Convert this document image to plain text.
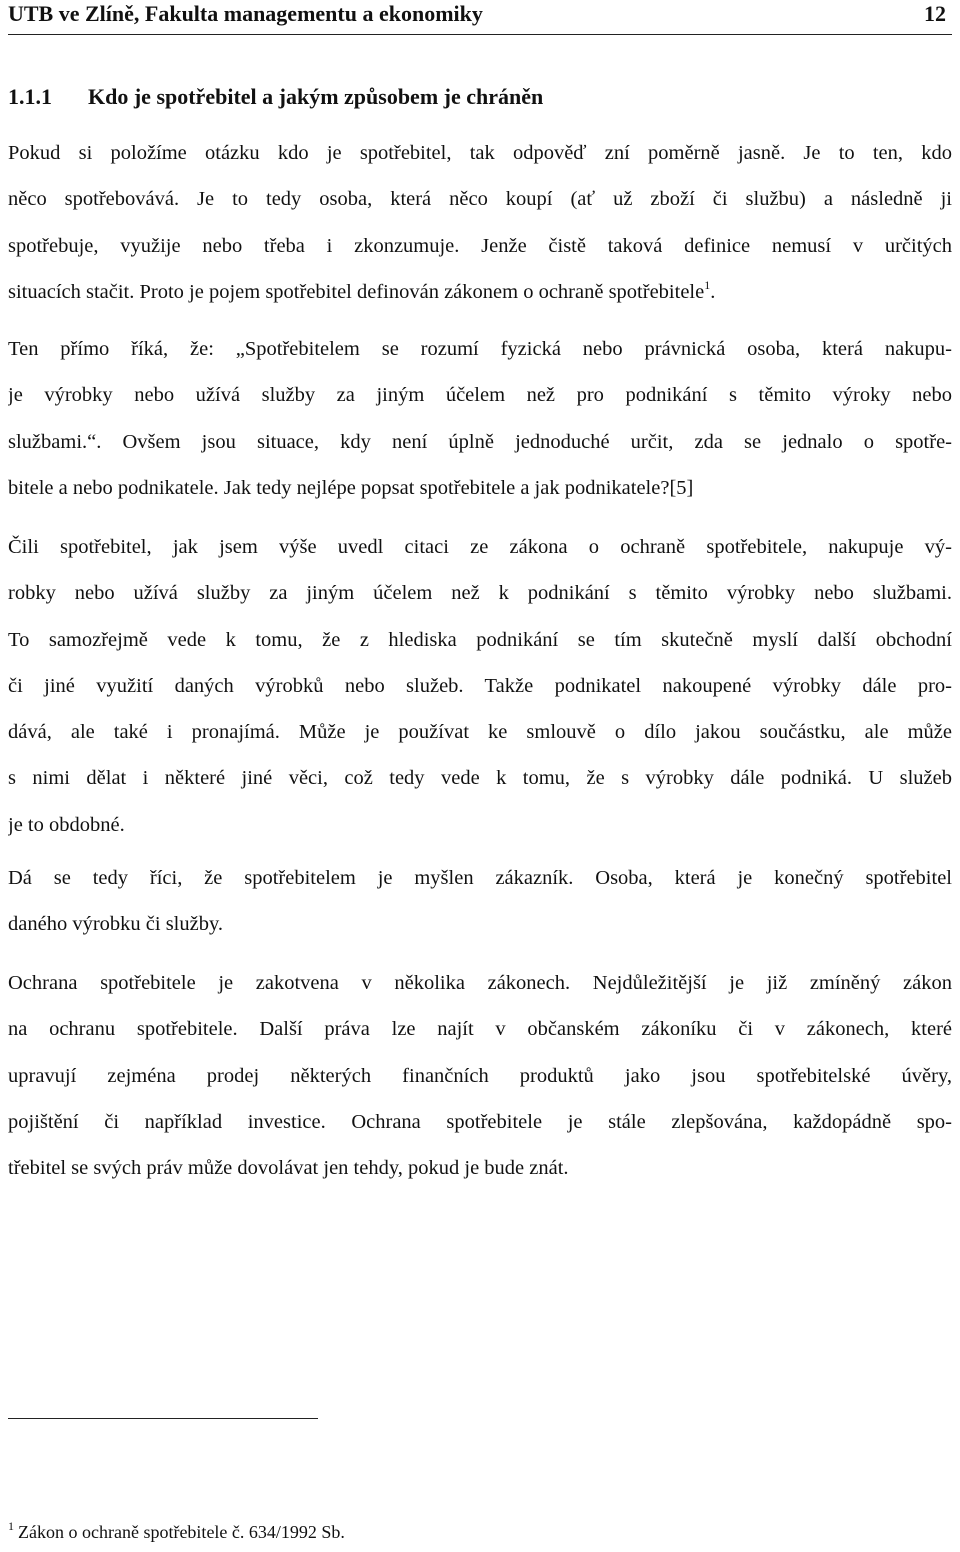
UTB ve Zlíně, Fakulta managementu a ekonomiky	12
1.1.1 Kdo je spotřebitel a jakým způsobem je chráněn
Pokud si položíme otázku kdo je spotřebitel, tak odpověď zní poměrně jasně. Je to ten, kdo
něco spotřebovává. Je to tedy osoba, která něco koupí (ať už zboží či službu) a následně ji
spotřebuje, využije nebo třeba i zkonzumuje. Jenže čistě taková definice nemusí v určitých
situacích stačit. Proto je pojem spotřebitel definován zákonem o ochraně spotřebitele$^1$.
Ten přímo říká, že: „Spotřebitelem se rozumí fyzická nebo právnická osoba, která nakupu-
je výrobky nebo užívá služby za jiným účelem než pro podnikání s těmito výroky nebo
službami.“. Ovšem jsou situace, kdy není úplně jednoduché určit, zda se jednalo o spotře-
bitele a nebo podnikatele. Jak tedy nejlépe popsat spotřebitele a jak podnikatele?[5]
Čili spotřebitel, jak jsem výše uvedl citaci ze zákona o ochraně spotřebitele, nakupuje vý-
robky nebo užívá služby za jiným účelem než k podnikání s těmito výrobky nebo službami.
To samozřejmě vede k tomu, že z hlediska podnikání se tím skutečně myslí další obchodní
či jiné využití daných výrobků nebo služeb. Takže podnikatel nakoupené výrobky dále pro-
dává, ale také i pronajímá. Může je používat ke smlouvě o dílo jakou součástku, ale může
s nimi dělat i některé jiné věci, což tedy vede k tomu, že s výrobky dále podniká. U služeb
je to obdobné.
Dá se tedy říci, že spotřebitelem je myšlen zákazník. Osoba, která je konečný spotřebitel
daného výrobku či služby.
Ochrana spotřebitele je zakotvena v několika zákonech. Nejdůležitější je již zmíněný zákon
na ochranu spotřebitele. Další práva lze najít v občanském zákoníku či v zákonech, které
upravují zejména prodej některých finančních produktů jako jsou spotřebitelské úvěry,
pojištění či například investice. Ochrana spotřebitele je stále zlepšována, každopádně spo-
třebitel se svých práv může dovolávat jen tehdy, pokud je bude znát.
$^1$ Zákon o ochraně spotřebitele č. 634/1992 Sb.
